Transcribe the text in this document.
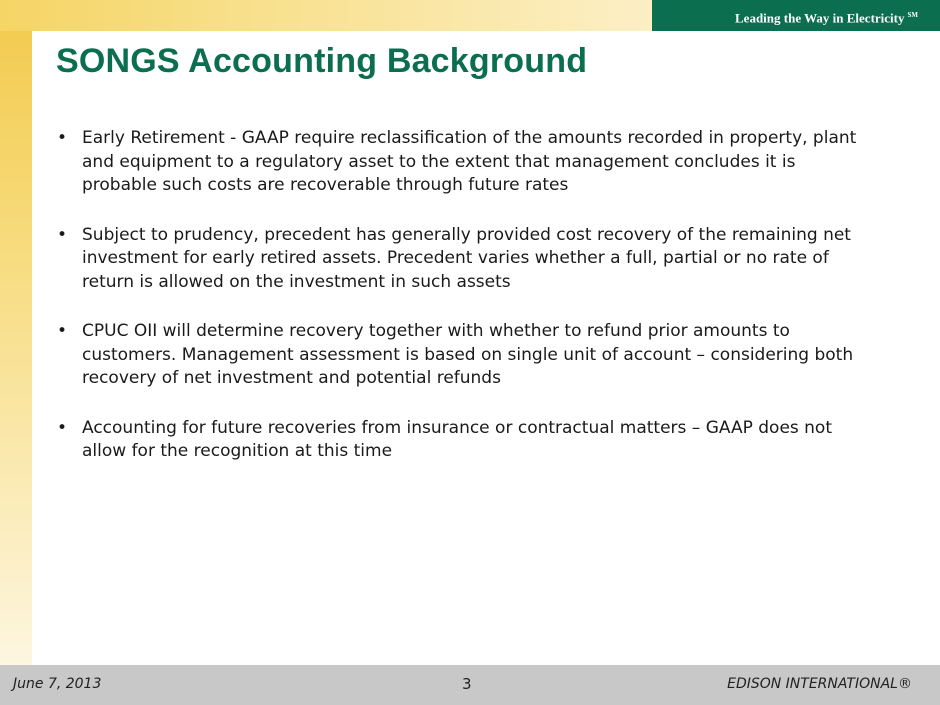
Leading the Way in Electricity ℠
SONGS Accounting Background
• Early Retirement - GAAP require reclassification of the amounts recorded in property, plant and equipment to a regulatory asset to the extent that management concludes it is probable such costs are recoverable through future rates
• Subject to prudency, precedent has generally provided cost recovery of the remaining net investment for early retired assets. Precedent varies whether a full, partial or no rate of return is allowed on the investment in such assets
• CPUC OII will determine recovery together with whether to refund prior amounts to customers. Management assessment is based on single unit of account – considering both recovery of net investment and potential refunds
• Accounting for future recoveries from insurance or contractual matters – GAAP does not allow for the recognition at this time
June 7, 2013	3	EDISON INTERNATIONAL®
